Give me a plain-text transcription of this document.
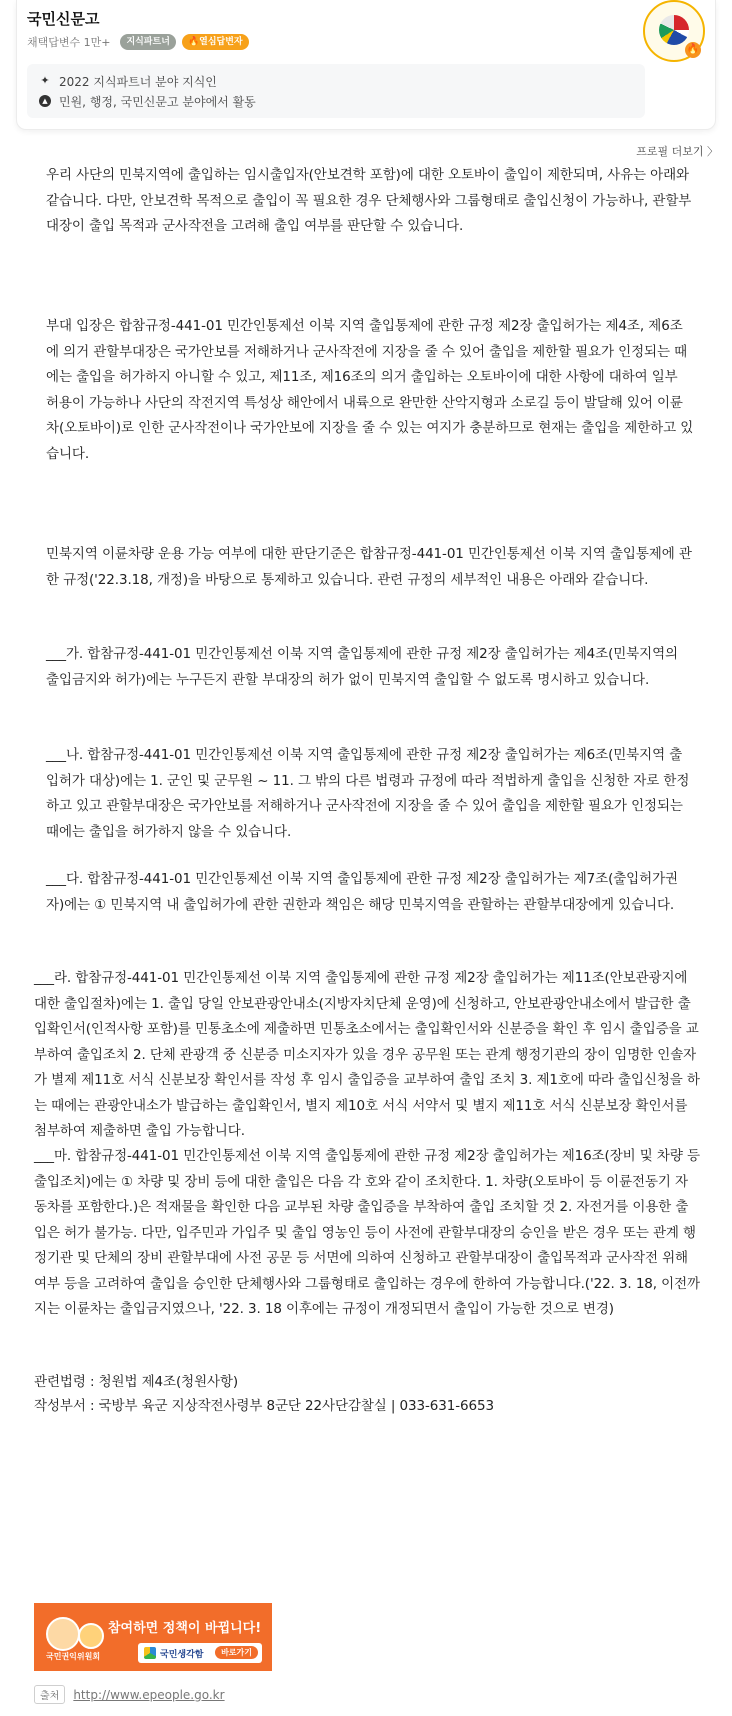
국민신문고
채택답변수 1만+	지식파트너	🔥열심답변자
🔥
✦ 2022 지식파트너 분야 지식인
▲ 민원, 행정, 국민신문고 분야에서 활동
프로필 더보기 〉
우리 사단의 민북지역에 출입하는 임시출입자(안보견학 포함)에 대한 오토바이 출입이 제한되며, 사유는 아래와 같습니다. 다만, 안보견학 목적으로 출입이 꼭 필요한 경우 단체행사와 그룹형태로 출입신청이 가능하나, 관할부대장이 출입 목적과 군사작전을 고려해 출입 여부를 판단할 수 있습니다.
부대 입장은 합참규정-441-01 민간인통제선 이북 지역 출입통제에 관한 규정 제2장 출입허가는 제4조, 제6조에 의거 관할부대장은 국가안보를 저해하거나 군사작전에 지장을 줄 수 있어 출입을 제한할 필요가 인정되는 때에는 출입을 허가하지 아니할 수 있고, 제11조, 제16조의 의거 출입하는 오토바이에 대한 사항에 대하여 일부 허용이 가능하나 사단의 작전지역 특성상 해안에서 내륙으로 완만한 산악지형과 소로길 등이 발달해 있어 이륜차(오토바이)로 인한 군사작전이나 국가안보에 지장을 줄 수 있는 여지가 충분하므로 현재는 출입을 제한하고 있습니다.
민북지역 이륜차량 운용 가능 여부에 대한 판단기준은 합참규정-441-01 민간인통제선 이북 지역 출입통제에 관한 규정('22.3.18, 개정)을 바탕으로 통제하고 있습니다. 관련 규정의 세부적인 내용은 아래와 같습니다.
___가. 합참규정-441-01 민간인통제선 이북 지역 출입통제에 관한 규정 제2장 출입허가는 제4조(민북지역의 출입금지와 허가)에는 누구든지 관할 부대장의 허가 없이 민북지역 출입할 수 없도록 명시하고 있습니다.
___나. 합참규정-441-01 민간인통제선 이북 지역 출입통제에 관한 규정 제2장 출입허가는 제6조(민북지역 출입허가 대상)에는 1. 군인 및 군무원 ~ 11. 그 밖의 다른 법령과 규정에 따라 적법하게 출입을 신청한 자로 한정하고 있고 관할부대장은 국가안보를 저해하거나 군사작전에 지장을 줄 수 있어 출입을 제한할 필요가 인정되는 때에는 출입을 허가하지 않을 수 있습니다.
___다. 합참규정-441-01 민간인통제선 이북 지역 출입통제에 관한 규정 제2장 출입허가는 제7조(출입허가권자)에는 ① 민북지역 내 출입허가에 관한 권한과 책임은 해당 민북지역을 관할하는 관할부대장에게 있습니다.
___라. 합참규정-441-01 민간인통제선 이북 지역 출입통제에 관한 규정 제2장 출입허가는 제11조(안보관광지에 대한 출입절차)에는 1. 출입 당일 안보관광안내소(지방자치단체 운영)에 신청하고, 안보관광안내소에서 발급한 출입확인서(인적사항 포함)를 민통초소에 제출하면 민통초소에서는 출입확인서와 신분증을 확인 후 임시 출입증을 교부하여 출입조치 2. 단체 관광객 중 신분증 미소지자가 있을 경우 공무원 또는 관계 행정기관의 장이 임명한 인솔자가 별제 제11호 서식 신분보장 확인서를 작성 후 임시 출입증을 교부하여 출입 조치 3. 제1호에 따라 출입신청을 하는 때에는 관광안내소가 발급하는 출입확인서, 별지 제10호 서식 서약서 및 별지 제11호 서식 신분보장 확인서를 첨부하여 제출하면 출입 가능합니다.
___마. 합참규정-441-01 민간인통제선 이북 지역 출입통제에 관한 규정 제2장 출입허가는 제16조(장비 및 차량 등 출입조치)에는 ① 차량 및 장비 등에 대한 출입은 다음 각 호와 같이 조치한다. 1. 차량(오토바이 등 이륜전동기 자동차를 포함한다.)은 적재물을 확인한 다음 교부된 차량 출입증을 부착하여 출입 조치할 것 2. 자전거를 이용한 출입은 허가 불가능. 다만, 입주민과 가입주 및 출입 영농인 등이 사전에 관할부대장의 승인을 받은 경우 또는 관계 행정기관 및 단체의 장비 관할부대에 사전 공문 등 서면에 의하여 신청하고 관할부대장이 출입목적과 군사작전 위해 여부 등을 고려하여 출입을 승인한 단체행사와 그룹형태로 출입하는 경우에 한하여 가능합니다.('22. 3. 18, 이전까지는 이륜차는 출입금지였으나, '22. 3. 18 이후에는 규정이 개정되면서 출입이 가능한 것으로 변경)
관련법령 : 청원법 제4조(청원사항)
작성부서 : 국방부 육군 지상작전사령부 8군단 22사단감찰실 | 033-631-6653
참여하면 정책이 바뀝니다!
국민권익위원회	국민생각함	바로가기
출처	http://www.epeople.go.kr
